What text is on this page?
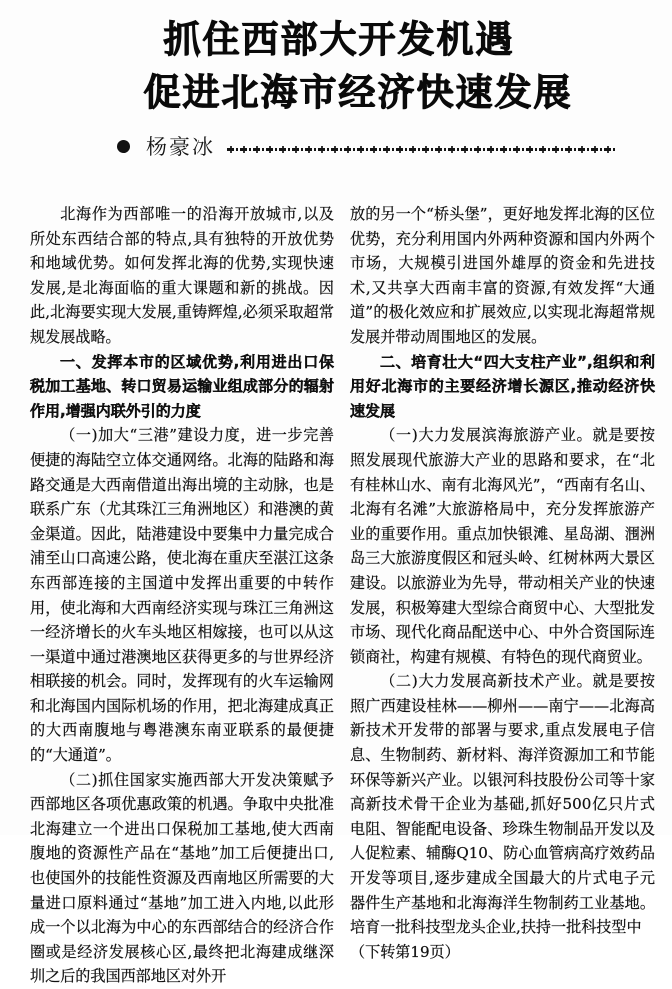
抓住西部大开发机遇
促进北海市经济快速发展
杨豪冰

北海作为西部唯一的沿海开放城市,以及所处东西结合部的特点,具有独特的开放优势和地域优势。如何发挥北海的优势,实现快速发展,是北海面临的重大课题和新的挑战。因此,北海要实现大发展,重铸辉煌,必须采取超常规发展战略。

一、发挥本市的区域优势,利用进出口保税加工基地、转口贸易运输业组成部分的辐射作用,增强内联外引的力度

（一)加大“三港”建设力度，进一步完善便捷的海陆空立体交通网络。北海的陆路和海路交通是大西南借道出海出境的主动脉，也是联系广东（尤其珠江三角洲地区）和港澳的黄金渠道。因此，陆港建设中要集中力量完成合浦至山口高速公路，使北海在重庆至湛江这条东西部连接的主国道中发挥出重要的中转作用，使北海和大西南经济实现与珠江三角洲这一经济增长的火车头地区相嫁接，也可以从这一渠道中通过港澳地区获得更多的与世界经济相联接的机会。同时，发挥现有的火车运输网和北海国内国际机场的作用，把北海建成真正的大西南腹地与粤港澳东南亚联系的最便捷的“大通道”。

（二)抓住国家实施西部大开发决策赋予西部地区各项优惠政策的机遇。争取中央批准北海建立一个进出口保税加工基地,使大西南腹地的资源性产品在“基地”加工后便捷出口,也使国外的技能性资源及西南地区所需要的大量进口原料通过“基地”加工进入内地,以此形成一个以北海为中心的东西部结合的经济合作圈或是经济发展核心区,最终把北海建成继深圳之后的我国西部地区对外开

放的另一个“桥头堡”，更好地发挥北海的区位优势，充分利用国内外两种资源和国内外两个市场，大规模引进国外雄厚的资金和先进技术,又共享大西南丰富的资源,有效发挥“大通道”的极化效应和扩展效应,以实现北海超常规发展并带动周围地区的发展。

二、培育壮大“四大支柱产业”,组织和利用好北海市的主要经济增长源区,推动经济快速发展

（一)大力发展滨海旅游产业。就是要按照发展现代旅游大产业的思路和要求，在“北有桂林山水、南有北海风光”，“西南有名山、北海有名滩”大旅游格局中，充分发挥旅游产业的重要作用。重点加快银滩、星岛湖、涠洲岛三大旅游度假区和冠头岭、红树林两大景区建设。以旅游业为先导，带动相关产业的快速发展，积极筹建大型综合商贸中心、大型批发市场、现代化商品配送中心、中外合资国际连锁商社，构建有规模、有特色的现代商贸业。

（二)大力发展高新技术产业。就是要按照广西建设桂林——柳州——南宁——北海高新技术开发带的部署与要求,重点发展电子信息、生物制药、新材料、海洋资源加工和节能环保等新兴产业。以银河科技股份公司等十家高新技术骨干企业为基础,抓好500亿只片式电阻、智能配电设备、珍珠生物制品开发以及人促粒素、辅酶Q10、防心血管病高疗效药品开发等项目,逐步建成全国最大的片式电子元器件生产基地和北海海洋生物制药工业基地。培育一批科技型龙头企业,扶持一批科技型中

（下转第19页）
